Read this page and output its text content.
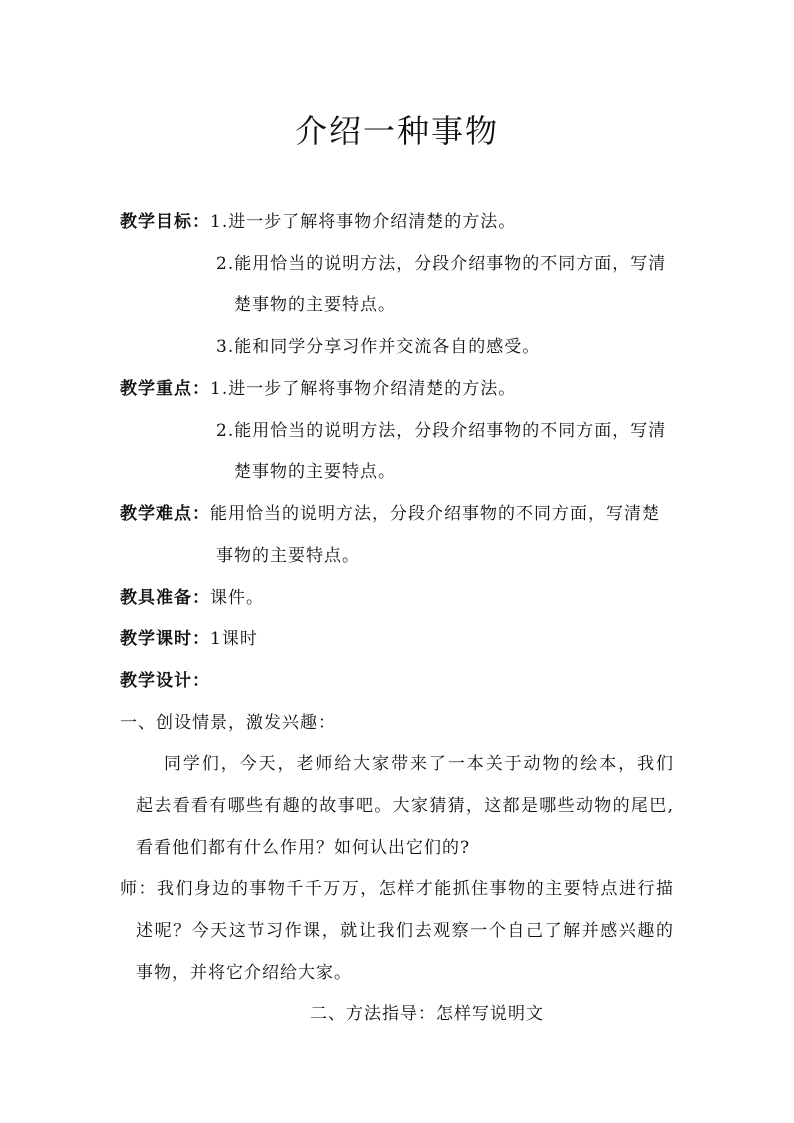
介绍一种事物
教学目标：1.进一步了解将事物介绍清楚的方法。
2.能用恰当的说明方法，分段介绍事物的不同方面，写清
楚事物的主要特点。
3.能和同学分享习作并交流各自的感受。
教学重点：1.进一步了解将事物介绍清楚的方法。
2.能用恰当的说明方法，分段介绍事物的不同方面，写清
楚事物的主要特点。
教学难点：能用恰当的说明方法，分段介绍事物的不同方面，写清楚
事物的主要特点。
教具准备：课件。
教学课时：1课时
教学设计：
一、创设情景，激发兴趣：
同学们，今天，老师给大家带来了一本关于动物的绘本，我们
起去看看有哪些有趣的故事吧。大家猜猜，这都是哪些动物的尾巴,
看看他们都有什么作用？如何认出它们的?
师：我们身边的事物千千万万，怎样才能抓住事物的主要特点进行描
述呢？今天这节习作课，就让我们去观察一个自己了解并感兴趣的
事物，并将它介绍给大家。
二、方法指导：怎样写说明文
